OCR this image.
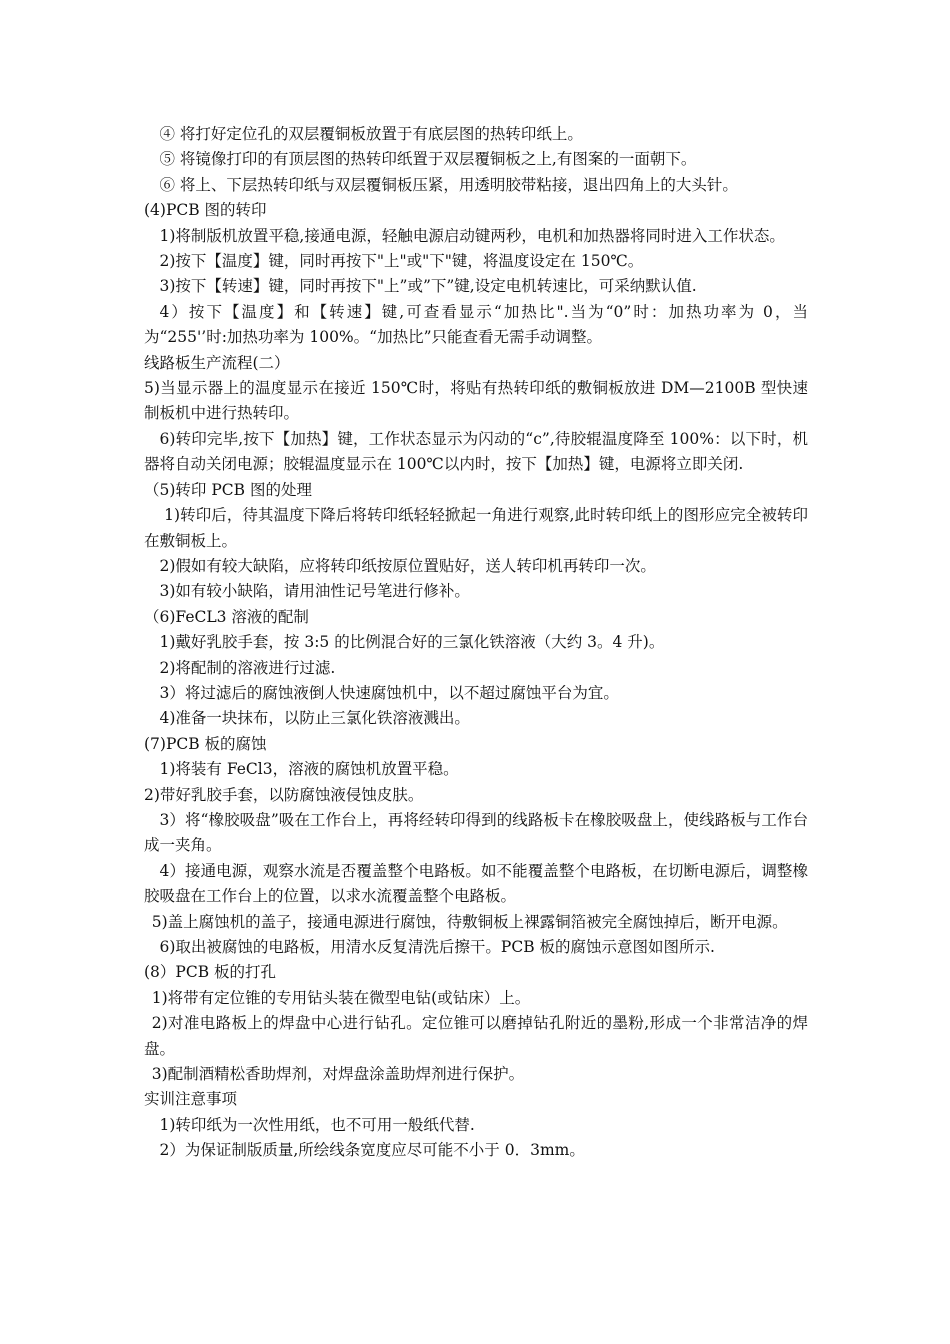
④ 将打好定位孔的双层覆铜板放置于有底层图的热转印纸上。

⑤ 将镜像打印的有顶层图的热转印纸置于双层覆铜板之上,有图案的一面朝下。

⑥ 将上、下层热转印纸与双层覆铜板压紧，用透明胶带粘接，退出四角上的大头针。

(4)PCB 图的转印

1)将制版机放置平稳,接通电源，轻触电源启动键两秒，电机和加热器将同时进入工作状态。

2)按下【温度】键，同时再按下"上"或"下"键，将温度设定在 150℃。

3)按下【转速】键，同时再按下"上”或”下”键,设定电机转速比，可采纳默认值.

4）按下【温度】和【转速】键,可查看显示“加热比".当为“0”时：加热功率为 0，当为“255'’时:加热功率为 100%。“加热比”只能查看无需手动调整。

线路板生产流程(二）

5)当显示器上的温度显示在接近 150℃时，将贴有热转印纸的敷铜板放进 DM—2100B 型快速制板机中进行热转印。

6)转印完毕,按下【加热】键，工作状态显示为闪动的“c”,待胶辊温度降至 100%：以下时，机器将自动关闭电源；胶辊温度显示在 100℃以内时，按下【加热】键，电源将立即关闭.

（5)转印 PCB 图的处理

1)转印后，待其温度下降后将转印纸轻轻掀起一角进行观察,此时转印纸上的图形应完全被转印在敷铜板上。

2)假如有较大缺陷，应将转印纸按原位置贴好，送人转印机再转印一次。

3)如有较小缺陷，请用油性记号笔进行修补。

（6)FeCL3 溶液的配制

1)戴好乳胶手套，按 3:5 的比例混合好的三氯化铁溶液（大约 3。4 升)。

2)将配制的溶液进行过滤.

3）将过滤后的腐蚀液倒人快速腐蚀机中，以不超过腐蚀平台为宜。

4)准备一块抹布，以防止三氯化铁溶液溅出。

(7)PCB 板的腐蚀

1)将装有 FeCl3，溶液的腐蚀机放置平稳。

2)带好乳胶手套，以防腐蚀液侵蚀皮肤。

3）将“橡胶吸盘”吸在工作台上，再将经转印得到的线路板卡在橡胶吸盘上，使线路板与工作台成一夹角。

4）接通电源，观察水流是否覆盖整个电路板。如不能覆盖整个电路板，在切断电源后，调整橡胶吸盘在工作台上的位置，以求水流覆盖整个电路板。

5)盖上腐蚀机的盖子，接通电源进行腐蚀，待敷铜板上裸露铜箔被完全腐蚀掉后，断开电源。

6)取出被腐蚀的电路板，用清水反复清洗后擦干。PCB 板的腐蚀示意图如图所示.

(8）PCB 板的打孔

1)将带有定位锥的专用钻头装在微型电钻(或钻床）上。

2)对准电路板上的焊盘中心进行钻孔。定位锥可以磨掉钻孔附近的墨粉,形成一个非常洁净的焊盘。

3)配制酒精松香助焊剂，对焊盘涂盖助焊剂进行保护。

实训注意事项

1)转印纸为一次性用纸，也不可用一般纸代替.

2）为保证制版质量,所绘线条宽度应尽可能不小于 0．3mm。
